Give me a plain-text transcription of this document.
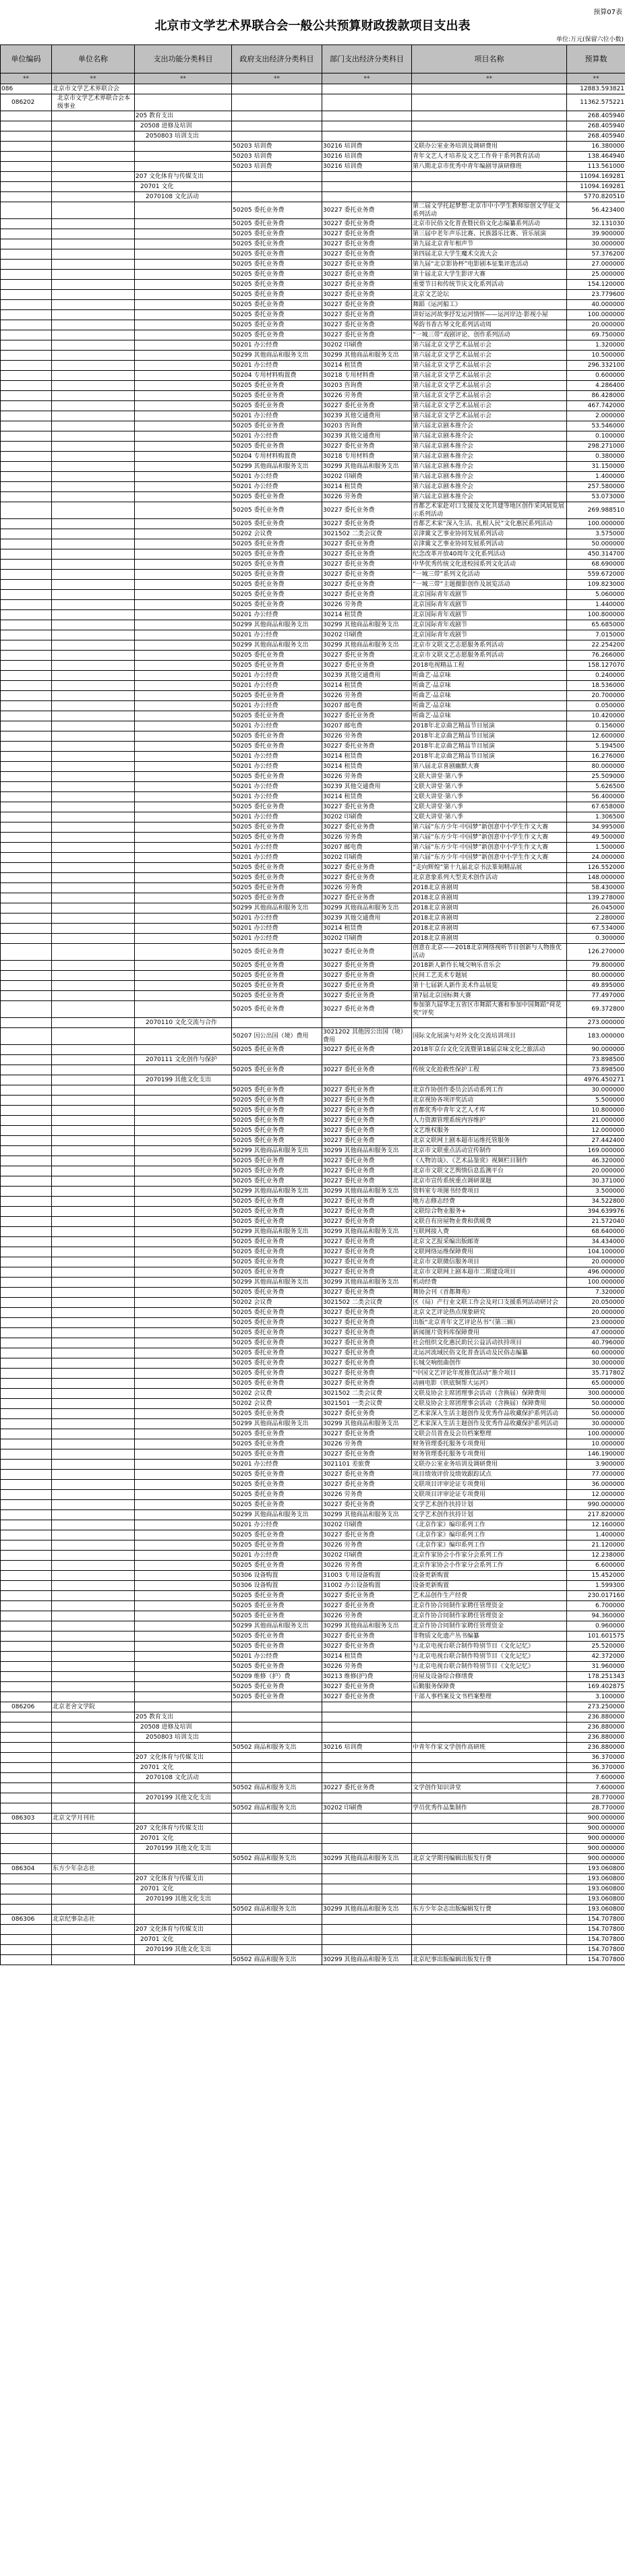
预算07表
北京市文学艺术界联合会一般公共预算财政拨款项目支出表
单位:万元(保留六位小数)
单位编码	单位名称	支出功能分类科目	政府支出经济分类科目	部门支出经济分类科目	项目名称	预算数
**	**	**	**	**	**	**
086	北京市文学艺术界联合会					12883.593821
086202	北京市文学艺术界联合会本级事业					11362.575221
		205 教育支出				268.405940
		20508 进修及培训				268.405940
		2050803 培训支出				268.405940
			50203 培训费	30216 培训费	文联办公室业务培训及调研费用	16.380000
			50203 培训费	30216 培训费	青年文艺人才培养及文艺工作骨干系列教育活动	138.464940
			50203 培训费	30216 培训费	第八期北京市优秀中青年编剧导演研修班	113.561000
		207 文化体育与传媒支出				11094.169281
		20701 文化				11094.169281
		2070108 文化活动				5770.820510
			50205 委托业务费	30227 委托业务费	第二届文学托起梦想·北京市中小学生教师原创文学征文系列活动	56.423400
			50205 委托业务费	30227 委托业务费	北京市民俗文化普查暨民俗文化志编纂系列活动	32.131030
			50205 委托业务费	30227 委托业务费	第三届中老年声乐比赛、民族器乐比赛、管乐展演	39.900000
			50205 委托业务费	30227 委托业务费	第九届北京青年相声节	30.000000
			50205 委托业务费	30227 委托业务费	第四届北京大学生魔术交流大会	57.376200
			50205 委托业务费	30227 委托业务费	第九届“北京影协杯”电影剧本征集评选活动	27.000000
			50205 委托业务费	30227 委托业务费	第十届北京大学生影评大赛	25.000000
			50205 委托业务费	30227 委托业务费	重要节日和传统节庆文化系列活动	154.120000
			50205 委托业务费	30227 委托业务费	北京文艺论坛	23.779600
			50205 委托业务费	30227 委托业务费	舞蹈《运河船工》	40.000000
			50205 委托业务费	30227 委托业务费	讲好运河故事抒发运河情怀——运河岸边·影视小屋	100.000000
			50205 委托业务费	30227 委托业务费	琴韵书香古琴文化系列活动周	20.000000
			50205 委托业务费	30227 委托业务费	“一城三带”戏剧评论、创作系列活动	69.750000
			50201 办公经费	30202 印刷费	第六届北京文学艺术品展示会	1.320000
			50299 其他商品和服务支出	30299 其他商品和服务支出	第六届北京文学艺术品展示会	10.500000
			50201 办公经费	30214 租赁费	第六届北京文学艺术品展示会	296.332100
			50204 专用材料购置费	30218 专用材料费	第六届北京文学艺术品展示会	0.600000
			50205 委托业务费	30203 咨询费	第六届北京文学艺术品展示会	4.286400
			50205 委托业务费	30226 劳务费	第六届北京文学艺术品展示会	86.428000
			50205 委托业务费	30227 委托业务费	第六届北京文学艺术品展示会	467.742000
			50201 办公经费	30239 其他交通费用	第六届北京文学艺术品展示会	2.000000
			50205 委托业务费	30203 咨询费	第六届北京剧本推介会	53.546000
			50201 办公经费	30239 其他交通费用	第六届北京剧本推介会	0.100000
			50205 委托业务费	30227 委托业务费	第六届北京剧本推介会	298.271000
			50204 专用材料购置费	30218 专用材料费	第六届北京剧本推介会	0.380000
			50299 其他商品和服务支出	30299 其他商品和服务支出	第六届北京剧本推介会	31.150000
			50201 办公经费	30202 印刷费	第六届北京剧本推介会	1.400000
			50201 办公经费	30214 租赁费	第六届北京剧本推介会	257.580000
			50205 委托业务费	30226 劳务费	第六届北京剧本推介会	53.073000
			50205 委托业务费	30227 委托业务费	首都艺术家赴对口支援及文化共建等地区创作采风展览展示系列活动	269.988510
			50205 委托业务费	30227 委托业务费	首都艺术家“深入生活、扎根人民”文化惠民系列活动	100.000000
			50202 会议费	3021502 二类会议费	京津冀文艺事业协同发展系列活动	3.575000
			50205 委托业务费	30227 委托业务费	京津冀文艺事业协同发展系列活动	50.000000
			50205 委托业务费	30227 委托业务费	纪念改革开放40周年文化系列活动	450.314700
			50205 委托业务费	30227 委托业务费	中华优秀传统文化进校园系列文化活动	68.690000
			50205 委托业务费	30227 委托业务费	“一城三带”系列文化活动	559.672000
			50205 委托业务费	30227 委托业务费	“一城三带”主题摄影创作及展览活动	109.823000
			50205 委托业务费	30227 委托业务费	北京国际青年戏剧节	5.060000
			50205 委托业务费	30226 劳务费	北京国际青年戏剧节	1.440000
			50201 办公经费	30214 租赁费	北京国际青年戏剧节	100.800000
			50299 其他商品和服务支出	30299 其他商品和服务支出	北京国际青年戏剧节	65.685000
			50201 办公经费	30202 印刷费	北京国际青年戏剧节	7.015000
			50299 其他商品和服务支出	30299 其他商品和服务支出	北京市文联文艺志愿服务系列活动	22.254200
			50205 委托业务费	30227 委托业务费	北京市文联文艺志愿服务系列活动	76.266000
			50205 委托业务费	30227 委托业务费	2018电视精品工程	158.127070
			50201 办公经费	30239 其他交通费用	听曲艺·品京味	0.240000
			50201 办公经费	30214 租赁费	听曲艺·品京味	18.536000
			50205 委托业务费	30226 劳务费	听曲艺·品京味	20.700000
			50201 办公经费	30207 邮电费	听曲艺·品京味	0.050000
			50205 委托业务费	30227 委托业务费	听曲艺·品京味	10.420000
			50201 办公经费	30207 邮电费	2018年北京曲艺精品节目展演	0.156000
			50205 委托业务费	30226 劳务费	2018年北京曲艺精品节目展演	12.600000
			50205 委托业务费	30227 委托业务费	2018年北京曲艺精品节目展演	5.194500
			50201 办公经费	30214 租赁费	2018年北京曲艺精品节目展演	16.276000
			50201 办公经费	30214 租赁费	第八届北京喜剧幽默大赛	80.000000
			50205 委托业务费	30226 劳务费	文联大讲堂·第八季	25.509000
			50201 办公经费	30239 其他交通费用	文联大讲堂·第八季	5.626500
			50201 办公经费	30214 租赁费	文联大讲堂·第八季	56.400000
			50205 委托业务费	30227 委托业务费	文联大讲堂·第八季	67.658000
			50201 办公经费	30202 印刷费	文联大讲堂·第八季	1.306500
			50205 委托业务费	30227 委托业务费	第六届“东方少年·中国梦”新创意中小学生作文大赛	34.995000
			50205 委托业务费	30226 劳务费	第六届“东方少年·中国梦”新创意中小学生作文大赛	49.500000
			50201 办公经费	30207 邮电费	第六届“东方少年·中国梦”新创意中小学生作文大赛	1.500000
			50201 办公经费	30202 印刷费	第六届“东方少年·中国梦”新创意中小学生作文大赛	24.000000
			50205 委托业务费	30227 委托业务费	“走向辉煌”第十九届北京书法篆刻精品展	126.552000
			50205 委托业务费	30227 委托业务费	北京意象系列大型美术创作活动	148.000000
			50205 委托业务费	30226 劳务费	2018北京喜剧周	58.430000
			50205 委托业务费	30227 委托业务费	2018北京喜剧周	139.278000
			50299 其他商品和服务支出	30299 其他商品和服务支出	2018北京喜剧周	26.045000
			50201 办公经费	30239 其他交通费用	2018北京喜剧周	2.280000
			50201 办公经费	30214 租赁费	2018北京喜剧周	67.534000
			50201 办公经费	30202 印刷费	2018北京喜剧周	0.300000
			50205 委托业务费	30227 委托业务费	创意在北京——2018北京网络视听节目创新与人物推优活动	126.270000
			50205 委托业务费	30227 委托业务费	2018新人新作长城交响乐音乐会	79.800000
			50205 委托业务费	30227 委托业务费	民间工艺美术专题展	80.000000
			50205 委托业务费	30227 委托业务费	第十七届新人新作美术作品展览	49.895000
			50205 委托业务费	30227 委托业务费	第7届北京国标舞大赛	77.497000
			50205 委托业务费	30227 委托业务费	参加第九届华北五省区市舞蹈大赛和参加中国舞蹈“荷花奖”评奖	69.372800
		2070110 文化交流与合作				273.000000
			50207 因公出国（境）费用	3021202 其他因公出国（境）费用	国际文化展演与对外文化交流培训项目	183.000000
			50205 委托业务费	30227 委托业务费	2018年京台文化交流暨第18届京味文化之旅活动	90.000000
		2070111 文化创作与保护				73.898500
			50205 委托业务费	30227 委托业务费	传统文化抢救性保护工程	73.898500
		2070199 其他文化支出				4976.450271
			50205 委托业务费	30227 委托业务费	北京作协创作委员会活动系列工作	30.000000
			50205 委托业务费	30227 委托业务费	北京视协各项评奖活动	5.500000
			50205 委托业务费	30227 委托业务费	首都优秀中青年文艺人才库	10.800000
			50205 委托业务费	30227 委托业务费	人力资源管理系统内容维护	21.000000
			50205 委托业务费	30227 委托业务费	文艺维权服务	12.000000
			50205 委托业务费	30227 委托业务费	北京文联网上剧本超市运维托管服务	27.442400
			50299 其他商品和服务支出	30299 其他商品和服务支出	北京市文联重点活动宣传制作	169.000000
			50205 委托业务费	30227 委托业务费	《人物访谈》、《艺术品鉴赏》视频栏目制作	46.320000
			50205 委托业务费	30227 委托业务费	北京市文联文艺舆情信息监测平台	20.000000
			50205 委托业务费	30227 委托业务费	北京市宣传系统重点调研课题	30.371000
			50299 其他商品和服务支出	30299 其他商品和服务支出	资料室专项图书经费项目	3.500000
			50205 委托业务费	30227 委托业务费	地方志修志经费	34.522800
			50205 委托业务费	30227 委托业务费	文联综合物业服务+	394.639976
			50205 委托业务费	30227 委托业务费	文联自有房屋物业费和供暖费	21.572040
			50299 其他商品和服务支出	30299 其他商品和服务支出	互联网接入费	68.640000
			50205 委托业务费	30227 委托业务费	北京文艺报采编出版邮寄	34.434000
			50205 委托业务费	30227 委托业务费	文联网络运维保障费用	104.100000
			50205 委托业务费	30227 委托业务费	北京市文联微信服务项目	20.000000
			50205 委托业务费	30227 委托业务费	北京市文联网上剧本超市二期建设项目	496.000000
			50299 其他商品和服务支出	30299 其他商品和服务支出	机动经费	100.000000
			50205 委托业务费	30227 委托业务费	舞协会刊《首都舞苑》	7.320000
			50202 会议费	3021502 二类会议费	区（局）产行业文联工作会及对口支援系列活动研讨会	20.050000
			50205 委托业务费	30227 委托业务费	北京文艺评论热点现象研究	20.000000
			50205 委托业务费	30227 委托业务费	出版“北京青年文艺评论丛书”（第三辑）	23.000000
			50205 委托业务费	30227 委托业务费	新闻图片资料库保障费用	47.000000
			50205 委托业务费	30227 委托业务费	社会组织文化惠民助民公益活动扶持项目	40.796000
			50205 委托业务费	30227 委托业务费	北运河流域民俗文化普查活动及民俗志编纂	60.000000
			50205 委托业务费	30227 委托业务费	长城交响组曲创作	30.000000
			50205 委托业务费	30227 委托业务费	“中国文艺评论年度推优活动”推介项目	35.717802
			50205 委托业务费	30227 委托业务费	动画电影《铁底铜帮大运河》	65.000000
			50202 会议费	3021502 二类会议费	文联及协会主席团理事会活动（含换届）保障费用	300.000000
			50202 会议费	3021501 一类会议费	文联及协会主席团理事会活动（含换届）保障费用	50.000000
			50205 委托业务费	30227 委托业务费	艺术家深入生活主题创作及优秀作品收藏保护系列活动	50.000000
			50299 其他商品和服务支出	30299 其他商品和服务支出	艺术家深入生活主题创作及优秀作品收藏保护系列活动	30.000000
			50205 委托业务费	30227 委托业务费	文联会员普查及会员档案整理	100.000000
			50205 委托业务费	30226 劳务费	财务管理委托服务专项费用	10.000000
			50205 委托业务费	30227 委托业务费	财务管理委托服务专项费用	146.190000
			50201 办公经费	3021101 差旅费	文联办公室业务培训及调研费用	3.900000
			50205 委托业务费	30227 委托业务费	项目绩效评价及绩效跟踪试点	77.000000
			50205 委托业务费	30227 委托业务费	文联项目评审论证专项费用	36.000000
			50205 委托业务费	30226 劳务费	文联项目评审论证专项费用	12.000000
			50205 委托业务费	30227 委托业务费	文学艺术创作扶持计划	990.000000
			50299 其他商品和服务支出	30299 其他商品和服务支出	文学艺术创作扶持计划	217.820000
			50201 办公经费	30202 印刷费	《北京作家》编印系列工作	12.160000
			50205 委托业务费	30227 委托业务费	《北京作家》编印系列工作	1.400000
			50205 委托业务费	30226 劳务费	《北京作家》编印系列工作	21.120000
			50201 办公经费	30202 印刷费	北京作家协会小作家分会系列工作	12.238000
			50205 委托业务费	30226 劳务费	北京作家协会小作家分会系列工作	6.600000
			50306 设备购置	31003 专用设备购置	设备更新购置	15.452000
			50306 设备购置	31002 办公设备购置	设备更新购置	1.599300
			50205 委托业务费	30227 委托业务费	艺术品创作生产经费	230.017160
			50205 委托业务费	30227 委托业务费	北京作协合同制作家聘任管理资金	6.700000
			50205 委托业务费	30226 劳务费	北京作协合同制作家聘任管理资金	94.360000
			50299 其他商品和服务支出	30299 其他商品和服务支出	北京作协合同制作家聘任管理资金	0.960000
			50205 委托业务费	30227 委托业务费	非物质文化遗产丛书编纂	101.601575
			50205 委托业务费	30227 委托业务费	与北京电视台联合制作特别节目《文化记忆》	25.520000
			50201 办公经费	30214 租赁费	与北京电视台联合制作特别节目《文化记忆》	42.372000
			50205 委托业务费	30226 劳务费	与北京电视台联合制作特别节目《文化记忆》	31.960000
			50209 维修（护）费	30213 维修(护)费	房屋及设备综合修缮费	178.251343
			50205 委托业务费	30227 委托业务费	后勤服务保障费	169.402875
			50205 委托业务费	30227 委托业务费	干部人事档案及文书档案整理	3.100000
086206	北京老舍文学院					273.250000
		205 教育支出				236.880000
		20508 进修及培训				236.880000
		2050803 培训支出				236.880000
			50502 商品和服务支出	30216 培训费	中青年作家文学创作高研班	236.880000
		207 文化体育与传媒支出				36.370000
		20701 文化				36.370000
		2070108 文化活动				7.600000
			50502 商品和服务支出	30227 委托业务费	文学创作知识讲堂	7.600000
		2070199 其他文化支出				28.770000
			50502 商品和服务支出	30202 印刷费	学员优秀作品集制作	28.770000
086303	北京文学月刊社					900.000000
		207 文化体育与传媒支出				900.000000
		20701 文化				900.000000
		2070199 其他文化支出				900.000000
			50502 商品和服务支出	30299 其他商品和服务支出	北京文学期刊编辑出版发行费	900.000000
086304	东方少年杂志社					193.060800
		207 文化体育与传媒支出				193.060800
		20701 文化				193.060800
		2070199 其他文化支出				193.060800
			50502 商品和服务支出	30299 其他商品和服务支出	东方少年杂志出版编辑发行费	193.060800
086306	北京纪事杂志社					154.707800
		207 文化体育与传媒支出				154.707800
		20701 文化				154.707800
		2070199 其他文化支出				154.707800
			50502 商品和服务支出	30299 其他商品和服务支出	北京纪事出版编辑出版发行费	154.707800
